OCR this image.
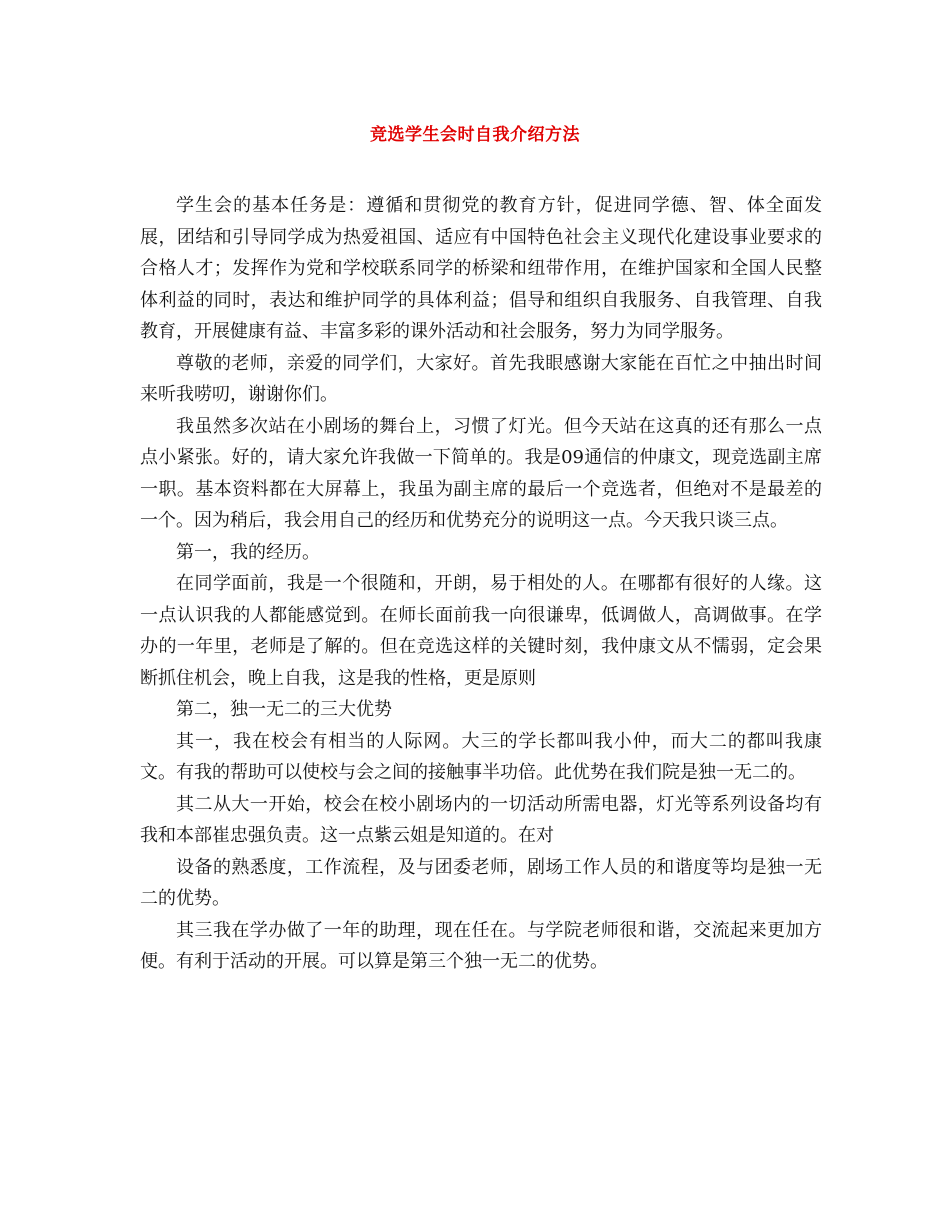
竞选学生会时自我介绍方法

学生会的基本任务是：遵循和贯彻党的教育方针，促进同学德、智、体全面发展，团结和引导同学成为热爱祖国、适应有中国特色社会主义现代化建设事业要求的合格人才；发挥作为党和学校联系同学的桥梁和纽带作用，在维护国家和全国人民整体利益的同时，表达和维护同学的具体利益；倡导和组织自我服务、自我管理、自我教育，开展健康有益、丰富多彩的课外活动和社会服务，努力为同学服务。

尊敬的老师，亲爱的同学们，大家好。首先我眼感谢大家能在百忙之中抽出时间来听我唠叨，谢谢你们。

我虽然多次站在小剧场的舞台上，习惯了灯光。但今天站在这真的还有那么一点点小紧张。好的，请大家允许我做一下简单的。我是09通信的仲康文，现竞选副主席一职。基本资料都在大屏幕上，我虽为副主席的最后一个竞选者，但绝对不是最差的一个。因为稍后，我会用自己的经历和优势充分的说明这一点。今天我只谈三点。

第一，我的经历。

在同学面前，我是一个很随和，开朗，易于相处的人。在哪都有很好的人缘。这一点认识我的人都能感觉到。在师长面前我一向很谦卑，低调做人，高调做事。在学办的一年里，老师是了解的。但在竞选这样的关键时刻，我仲康文从不懦弱，定会果断抓住机会，晚上自我，这是我的性格，更是原则

第二，独一无二的三大优势

其一，我在校会有相当的人际网。大三的学长都叫我小仲，而大二的都叫我康文。有我的帮助可以使校与会之间的接触事半功倍。此优势在我们院是独一无二的。

其二从大一开始，校会在校小剧场内的一切活动所需电器，灯光等系列设备均有我和本部崔忠强负责。这一点紫云姐是知道的。在对

设备的熟悉度，工作流程，及与团委老师，剧场工作人员的和谐度等均是独一无二的优势。

其三我在学办做了一年的助理，现在任在。与学院老师很和谐，交流起来更加方便。有利于活动的开展。可以算是第三个独一无二的优势。
